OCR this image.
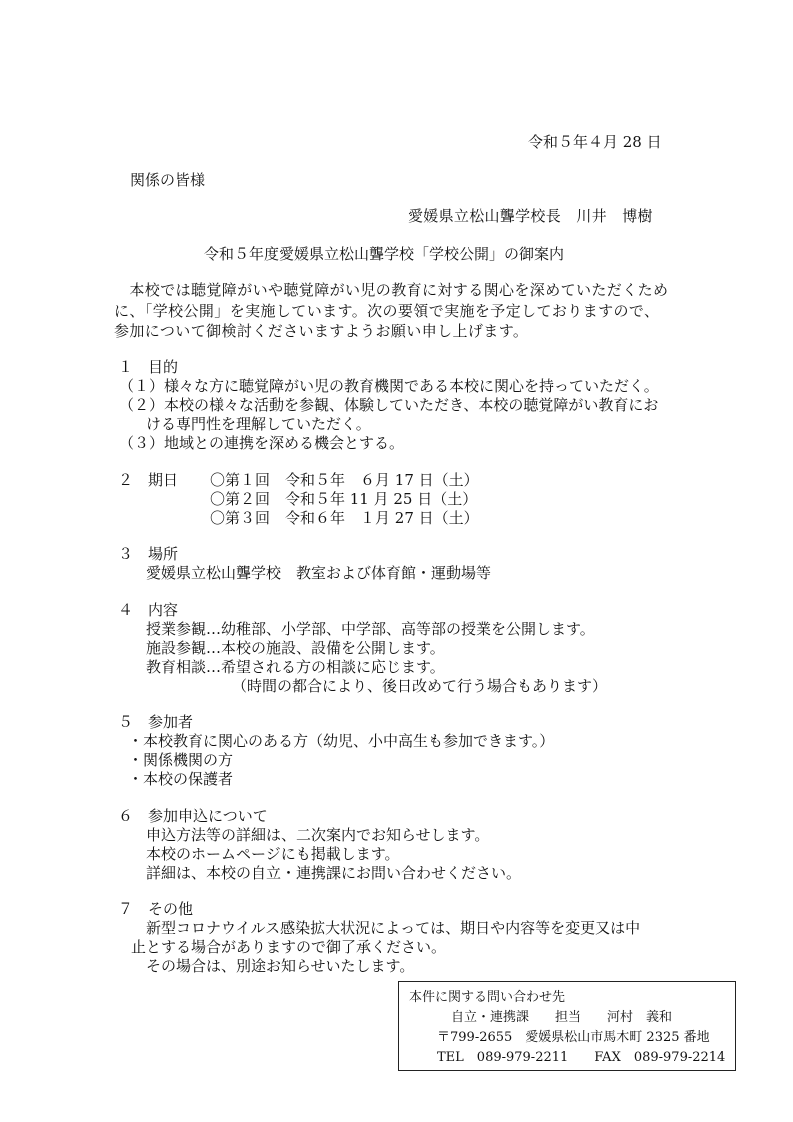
令和５年４月 28 日
関係の皆様
愛媛県立松山聾学校長　川井　博樹
令和５年度愛媛県立松山聾学校「学校公開」の御案内

　本校では聴覚障がいや聴覚障がい児の教育に対する関心を深めていただくため

に、「学校公開」を実施しています。次の要領で実施を予定しておりますので、

参加について御検討くださいますようお願い申し上げます。

１　目的
（１）様々な方に聴覚障がい児の教育機関である本校に関心を持っていただく。
（２）本校の様々な活動を参観、体験していただき、本校の聴覚障がい教育にお
ける専門性を理解していただく。
（３）地域との連携を深める機会とする。
２　期日 〇第１回　令和５年　６月 17 日（土）
〇第２回　令和５年 11 月 25 日（土）
〇第３回　令和６年　１月 27 日（土）
３　場所
愛媛県立松山聾学校　教室および体育館・運動場等
４　内容
授業参観…幼稚部、小学部、中学部、高等部の授業を公開します。
施設参観…本校の施設、設備を公開します。
教育相談…希望される方の相談に応じます。
（時間の都合により、後日改めて行う場合もあります）
５　参加者
・本校教育に関心のある方（幼児、小中高生も参加できます。）
・関係機関の方
・本校の保護者
６　参加申込について
申込方法等の詳細は、二次案内でお知らせします。
本校のホームページにも掲載します。
詳細は、本校の自立・連携課にお問い合わせください。
７　その他
新型コロナウイルス感染拡大状況によっては、期日や内容等を変更又は中
止とする場合がありますので御了承ください。
その場合は、別途お知らせいたします。
本件に関する問い合わせ先
自立・連携課　　担当　　河村　義和
〒799-2655　愛媛県松山市馬木町 2325 番地
TEL　089-979-2211　　FAX　089-979-2214
